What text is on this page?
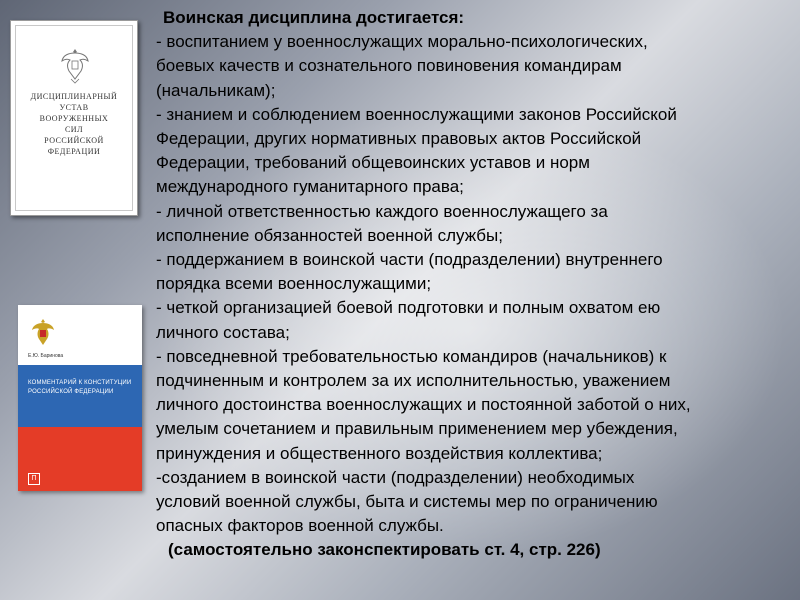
ДИСЦИПЛИНАРНЫЙ
УСТАВ
ВООРУЖЕННЫХ
СИЛ
РОССИЙСКОЙ
ФЕДЕРАЦИИ
Е.Ю. Баринова
КОММЕНТАРИЙ К КОНСТИТУЦИИ
РОССИЙСКОЙ ФЕДЕРАЦИИ
П
Воинская дисциплина достигается:
- воспитанием у военнослужащих морально-психологических,
боевых качеств и сознательного повиновения командирам
(начальникам);
- знанием и соблюдением военнослужащими законов Российской
Федерации, других нормативных правовых актов Российской
Федерации, требований общевоинских уставов и норм
международного гуманитарного права;
- личной ответственностью каждого военнослужащего за
исполнение обязанностей военной службы;
- поддержанием в воинской части (подразделении) внутреннего
порядка всеми военнослужащими;
- четкой организацией боевой подготовки и полным охватом ею
личного состава;
- повседневной требовательностью командиров (начальников) к
подчиненным и контролем за их исполнительностью, уважением
личного достоинства военнослужащих и постоянной заботой о них,
умелым сочетанием и правильным применением мер убеждения,
принуждения и общественного воздействия коллектива;
-созданием в воинской части (подразделении) необходимых
условий военной службы, быта и системы мер по ограничению
опасных факторов военной службы.
(самостоятельно законспектировать ст. 4, стр. 226)
